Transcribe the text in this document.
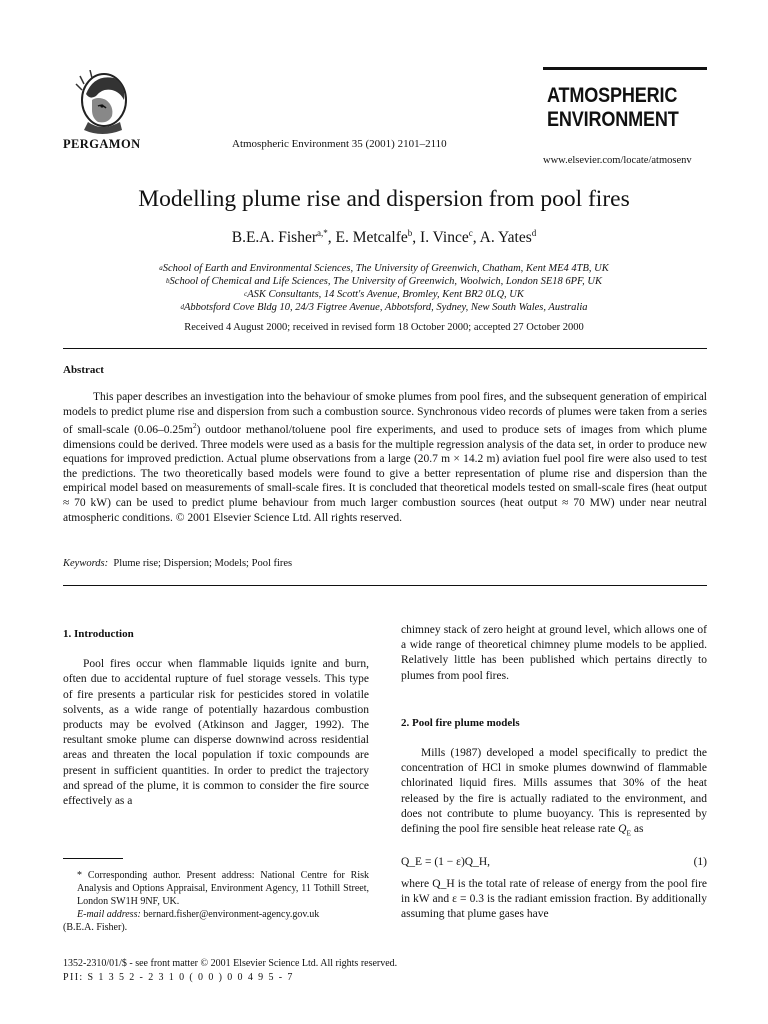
PERGAMON	Atmospheric Environment 35 (2001) 2101–2110
ATMOSPHERIC
ENVIRONMENT
www.elsevier.com/locate/atmosenv
Modelling plume rise and dispersion from pool fires
B.E.A. Fisher$^{a,*}$, E. Metcalfe$^b$, I. Vince$^c$, A. Yates$^d$
$^a$School of Earth and Environmental Sciences, The University of Greenwich, Chatham, Kent ME4 4TB, UK
$^b$School of Chemical and Life Sciences, The University of Greenwich, Woolwich, London SE18 6PF, UK
$^c$ASK Consultants, 14 Scott's Avenue, Bromley, Kent BR2 0LQ, UK
$^d$Abbotsford Cove Bldg 10, 24/3 Figtree Avenue, Abbotsford, Sydney, New South Wales, Australia
Received 4 August 2000; received in revised form 18 October 2000; accepted 27 October 2000
Abstract
This paper describes an investigation into the behaviour of smoke plumes from pool fires, and the subsequent generation of empirical models to predict plume rise and dispersion from such a combustion source. Synchronous video records of plumes were taken from a series of small-scale $(0.06-0.25m^2)$ outdoor methanol/toluene pool fire experiments, and used to produce sets of images from which plume dimensions could be derived. Three models were used as a basis for the multiple regression analysis of the data set, in order to produce new equations for improved prediction. Actual plume observations from a large (20.7 m × 14.2 m) aviation fuel pool fire were also used to test the predictions. The two theoretically based models were found to give a better representation of plume rise and dispersion than the empirical model based on measurements of small-scale fires. It is concluded that theoretical models tested on small-scale fires (heat output ≈ 70 kW) can be used to predict plume behaviour from much larger combustion sources (heat output ≈ 70 MW) under near neutral atmospheric conditions. © 2001 Elsevier Science Ltd. All rights reserved.
Keywords: Plume rise; Dispersion; Models; Pool fires
1. Introduction

Pool fires occur when flammable liquids ignite and burn, often due to accidental rupture of fuel storage vessels. This type of fire presents a particular risk for pesticides stored in volatile solvents, as a wide range of potentially hazardous combustion products may be evolved (Atkinson and Jagger, 1992). The resultant smoke plume can disperse downwind across residential areas and threaten the local population if toxic compounds are present in sufficient quantities. In order to predict the trajectory and spread of the plume, it is common to consider the fire source effectively as a

* Corresponding author. Present address: National Centre for Risk Analysis and Options Appraisal, Environment Agency, 11 Tothill Street, London SW1H 9NF, UK.
E-mail address: bernard.fisher@environment-agency.gov.uk
(B.E.A. Fisher).
chimney stack of zero height at ground level, which allows one of a wide range of theoretical chimney plume models to be applied. Relatively little has been published which pertains directly to plumes from pool fires.
2. Pool fire plume models

Mills (1987) developed a model specifically to predict the concentration of HCl in smoke plumes downwind of flammable chlorinated liquid fires. Mills assumes that 30% of the heat released by the fire is actually radiated to the environment, and does not contribute to plume buoyancy. This is represented by defining the pool fire sensible heat release rate $Q_E$ as

Q_E = (1 − ε)Q_H,	(1)
where Q_H is the total rate of release of energy from the pool fire in kW and ε = 0.3 is the radiant emission fraction. By additionally assuming that plume gases have
1352-2310/01/$ - see front matter © 2001 Elsevier Science Ltd. All rights reserved.
PII: S 1 3 5 2 - 2 3 1 0 ( 0 0 ) 0 0 4 9 5 - 7
